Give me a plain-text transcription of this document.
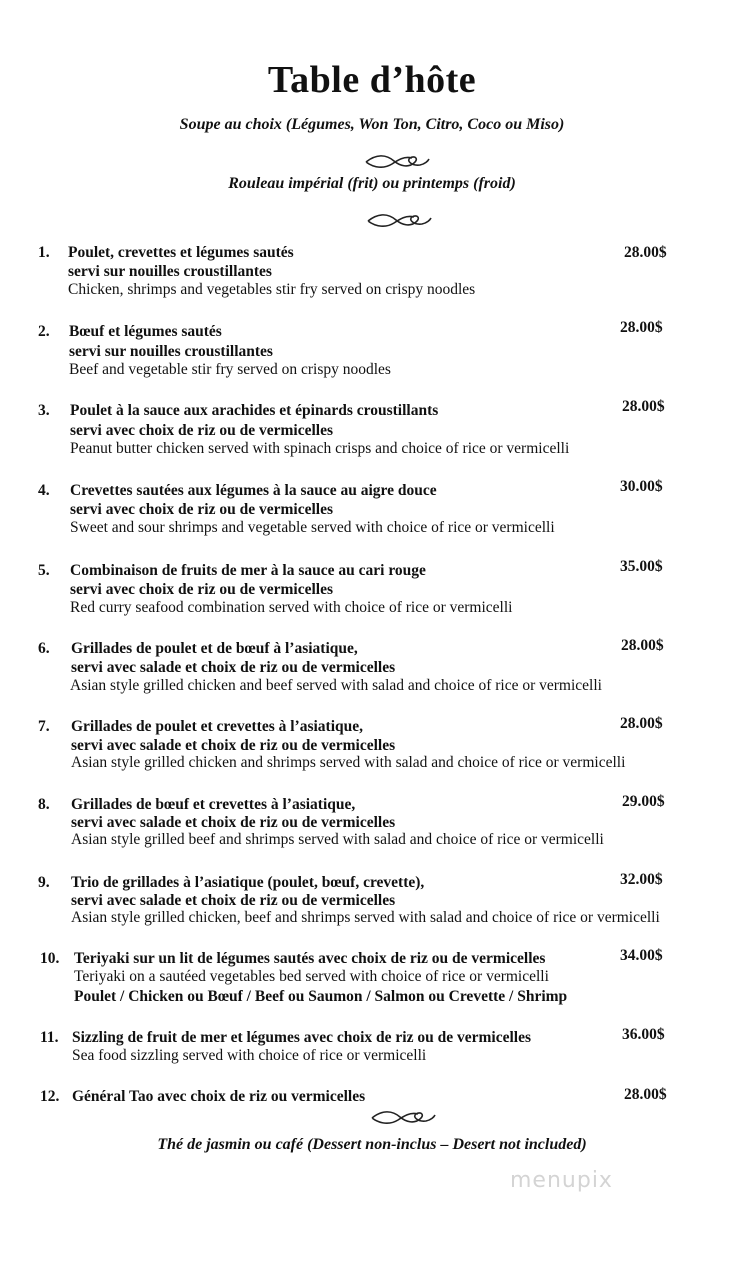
Table d’hôte
Soupe au choix (Légumes, Won Ton, Citro, Coco ou Miso)
Rouleau impérial (frit) ou printemps (froid)
1.	28.00$
Poulet, crevettes et légumes sautés
servi sur nouilles croustillantes
Chicken, shrimps and vegetables stir fry served on crispy noodles
2.	28.00$
Bœuf et légumes sautés
servi sur nouilles croustillantes
Beef and vegetable stir fry served on crispy noodles
3.	28.00$
Poulet à la sauce aux arachides et épinards croustillants
servi avec choix de riz ou de vermicelles
Peanut butter chicken served with spinach crisps and choice of rice or vermicelli
4.	30.00$
Crevettes sautées aux légumes à la sauce au aigre douce
servi avec choix de riz ou de vermicelles
Sweet and sour shrimps and vegetable served with choice of rice or vermicelli
5.	35.00$
Combinaison de fruits de mer à la sauce au cari rouge
servi avec choix de riz ou de vermicelles
Red curry seafood combination served with choice of rice or vermicelli
6.	28.00$
Grillades de poulet et de bœuf à l’asiatique,
servi avec salade et choix de riz ou de vermicelles
Asian style grilled chicken and beef served with salad and choice of rice or vermicelli
7.	28.00$
Grillades de poulet et crevettes à l’asiatique,
servi avec salade et choix de riz ou de vermicelles
Asian style grilled chicken and shrimps served with salad and choice of rice or vermicelli
8.	29.00$
Grillades de bœuf et crevettes à l’asiatique,
servi avec salade et choix de riz ou de vermicelles
Asian style grilled beef and shrimps served with salad and choice of rice or vermicelli
9.	32.00$
Trio de grillades à l’asiatique (poulet, bœuf, crevette),
servi avec salade et choix de riz ou de vermicelles
Asian style grilled chicken, beef and shrimps served with salad and choice of rice or vermicelli
10.	34.00$
Teriyaki sur un lit de légumes sautés avec choix de riz ou de vermicelles
Teriyaki on a sautéed vegetables bed served with choice of rice or vermicelli
Poulet / Chicken ou Bœuf / Beef ou Saumon / Salmon ou Crevette / Shrimp
11.	36.00$
Sizzling de fruit de mer et légumes avec choix de riz ou de vermicelles
Sea food sizzling served with choice of rice or vermicelli
12.	28.00$
Général Tao avec choix de riz ou vermicelles
Thé de jasmin ou café (Dessert non-inclus – Desert not included)
menupix
